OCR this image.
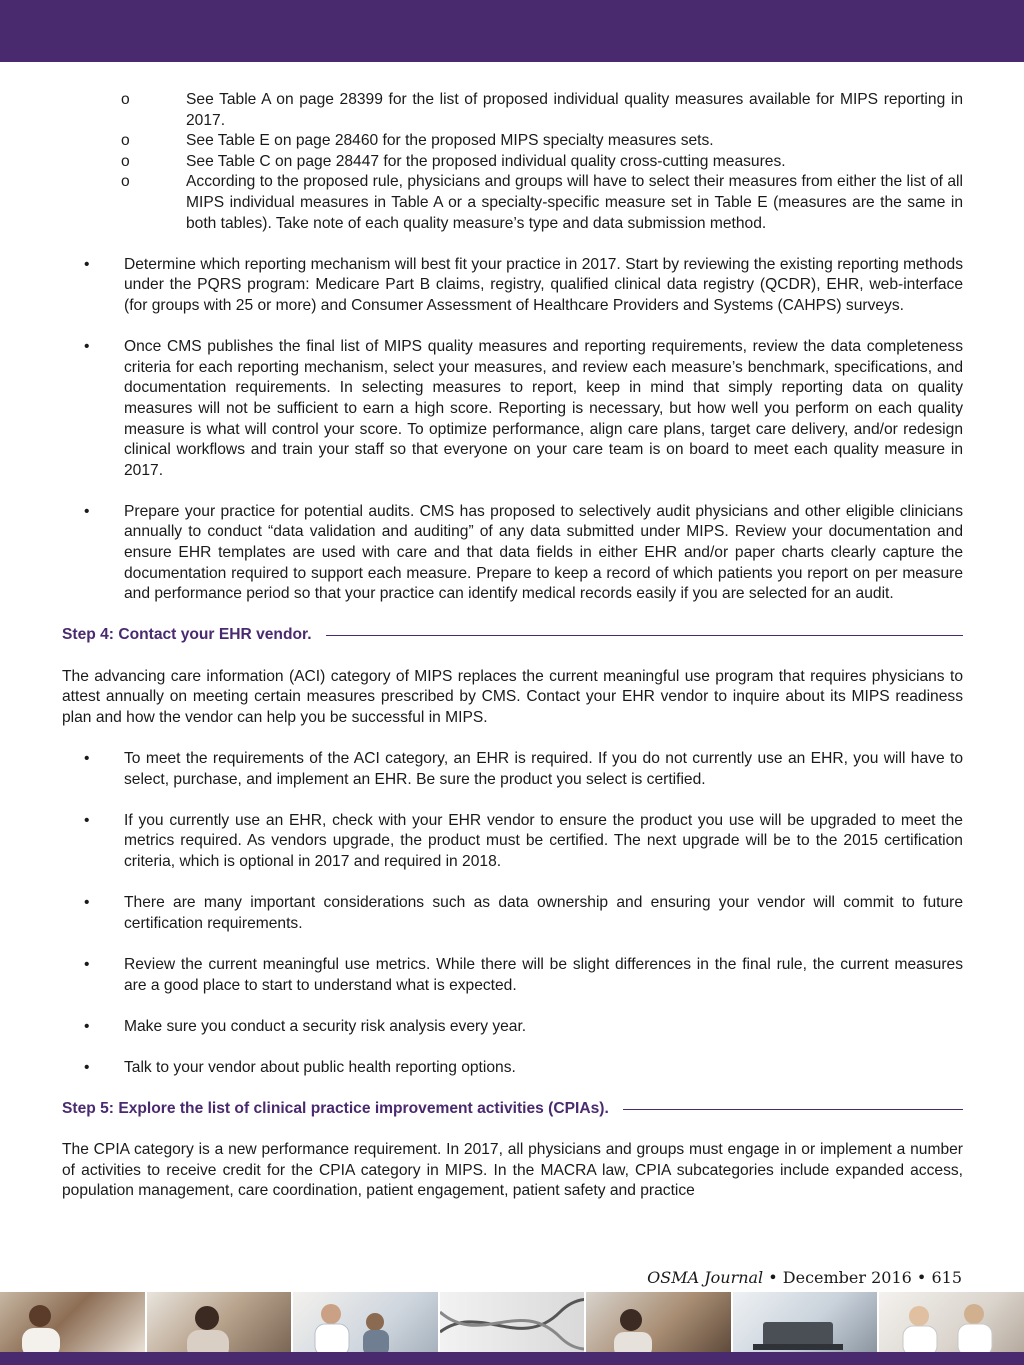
o	See Table A on page 28399 for the list of proposed individual quality measures available for MIPS reporting in 2017.
o	See Table E on page 28460 for the proposed MIPS specialty measures sets.
o	See Table C on page 28447 for the proposed individual quality cross-cutting measures.
o	According to the proposed rule, physicians and groups will have to select their measures from either the list of all MIPS individual measures in Table A or a specialty-specific measure set in Table E (measures are the same in both tables). Take note of each quality measure’s type and data submission method.
• Determine which reporting mechanism will best fit your practice in 2017. Start by reviewing the existing reporting methods under the PQRS program: Medicare Part B claims, registry, qualified clinical data registry (QCDR), EHR, web-interface (for groups with 25 or more) and Consumer Assessment of Healthcare Providers and Systems (CAHPS) surveys.
• Once CMS publishes the final list of MIPS quality measures and reporting requirements, review the data completeness criteria for each reporting mechanism, select your measures, and review each measure’s benchmark, specifications, and documentation requirements. In selecting measures to report, keep in mind that simply reporting data on quality measures will not be sufficient to earn a high score. Reporting is necessary, but how well you perform on each quality measure is what will control your score. To optimize performance, align care plans, target care delivery, and/or redesign clinical workflows and train your staff so that everyone on your care team is on board to meet each quality measure in 2017.
• Prepare your practice for potential audits. CMS has proposed to selectively audit physicians and other eligible clinicians annually to conduct “data validation and auditing” of any data submitted under MIPS. Review your documentation and ensure EHR templates are used with care and that data fields in either EHR and/or paper charts clearly capture the documentation required to support each measure. Prepare to keep a record of which patients you report on per measure and performance period so that your practice can identify medical records easily if you are selected for an audit.
Step 4: Contact your EHR vendor.
The advancing care information (ACI) category of MIPS replaces the current meaningful use program that requires physicians to attest annually on meeting certain measures prescribed by CMS. Contact your EHR vendor to inquire about its MIPS readiness plan and how the vendor can help you be successful in MIPS.
• To meet the requirements of the ACI category, an EHR is required. If you do not currently use an EHR, you will have to select, purchase, and implement an EHR. Be sure the product you select is certified.
• If you currently use an EHR, check with your EHR vendor to ensure the product you use will be upgraded to meet the metrics required. As vendors upgrade, the product must be certified. The next upgrade will be to the 2015 certification criteria, which is optional in 2017 and required in 2018.
• There are many important considerations such as data ownership and ensuring your vendor will commit to future certification requirements.
• Review the current meaningful use metrics. While there will be slight differences in the final rule, the current measures are a good place to start to understand what is expected.
• Make sure you conduct a security risk analysis every year.
• Talk to your vendor about public health reporting options.
Step 5: Explore the list of clinical practice improvement activities (CPIAs).
The CPIA category is a new performance requirement. In 2017, all physicians and groups must engage in or implement a number of activities to receive credit for the CPIA category in MIPS. In the MACRA law, CPIA subcategories include expanded access, population management, care coordination, patient engagement, patient safety and practice
OSMA Journal • December 2016 • 615
